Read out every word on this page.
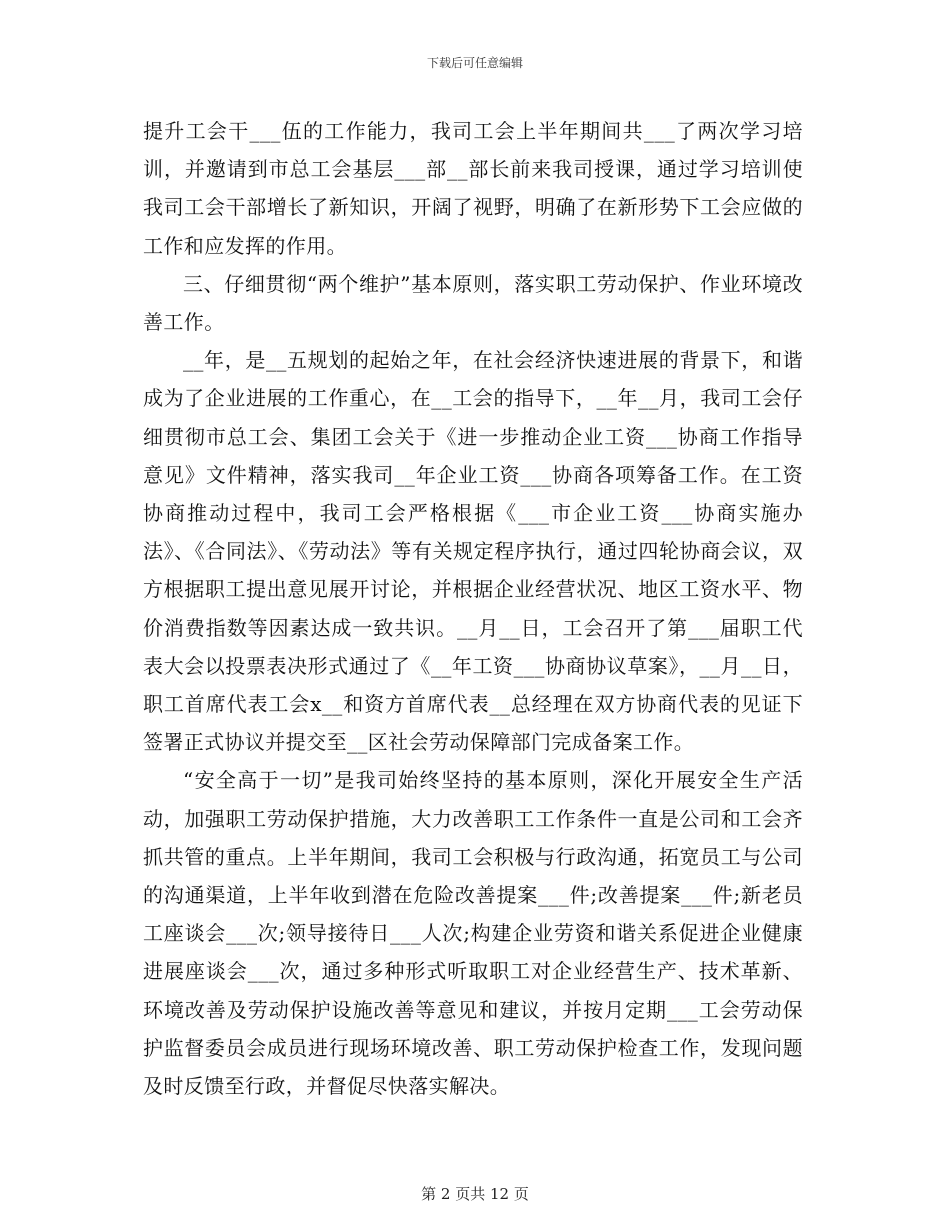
下载后可任意编辑

提升工会干___伍的工作能力，我司工会上半年期间共___了两次学习培训，并邀请到市总工会基层___部__部长前来我司授课，通过学习培训使我司工会干部增长了新知识，开阔了视野，明确了在新形势下工会应做的工作和应发挥的作用。

三、仔细贯彻“两个维护”基本原则，落实职工劳动保护、作业环境改善工作。

__年，是__五规划的起始之年，在社会经济快速进展的背景下，和谐成为了企业进展的工作重心，在__工会的指导下，__年__月，我司工会仔细贯彻市总工会、集团工会关于《进一步推动企业工资___协商工作指导意见》文件精神，落实我司__年企业工资___协商各项筹备工作。在工资协商推动过程中，我司工会严格根据《___市企业工资___协商实施办法》、《合同法》、《劳动法》等有关规定程序执行，通过四轮协商会议，双方根据职工提出意见展开讨论，并根据企业经营状况、地区工资水平、物价消费指数等因素达成一致共识。__月__日，工会召开了第___届职工代表大会以投票表决形式通过了《__年工资___协商协议草案》，__月__日，职工首席代表工会x__和资方首席代表__总经理在双方协商代表的见证下签署正式协议并提交至__区社会劳动保障部门完成备案工作。

“安全高于一切”是我司始终坚持的基本原则，深化开展安全生产活动，加强职工劳动保护措施，大力改善职工工作条件一直是公司和工会齐抓共管的重点。上半年期间，我司工会积极与行政沟通，拓宽员工与公司的沟通渠道，上半年收到潜在危险改善提案___件;改善提案___件;新老员工座谈会___次;领导接待日___人次;构建企业劳资和谐关系促进企业健康进展座谈会___次，通过多种形式听取职工对企业经营生产、技术革新、环境改善及劳动保护设施改善等意见和建议，并按月定期___工会劳动保护监督委员会成员进行现场环境改善、职工劳动保护检查工作，发现问题及时反馈至行政，并督促尽快落实解决。

第 2 页共 12 页
